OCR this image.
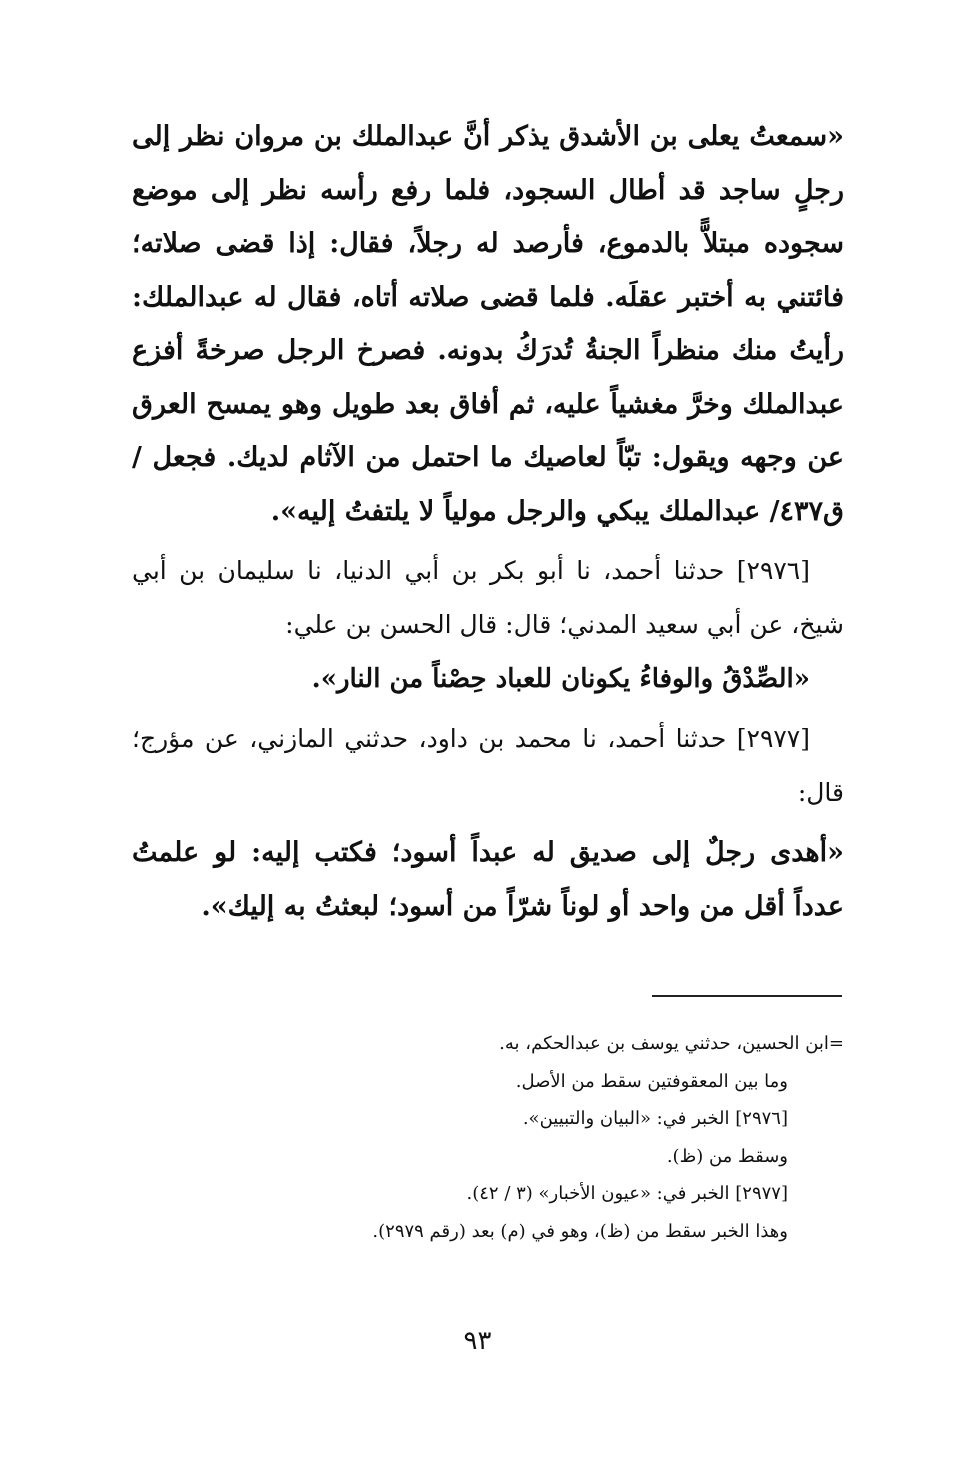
«سمعتُ يعلى بن الأشدق يذكر أنَّ عبدالملك بن مروان نظر إلى رجلٍ ساجد قد أطال السجود، فلما رفع رأسه نظر إلى موضع سجوده مبتلاًّ بالدموع، فأرصد له رجلاً، فقال: إذا قضى صلاته؛ فائتني به أختبر عقلَه. فلما قضى صلاته أتاه، فقال له عبدالملك: رأيتُ منك منظراً الجنةُ تُدرَكُ بدونه. فصرخ الرجل صرخةً أفزع عبدالملك وخرَّ مغشياً عليه، ثم أفاق بعد طويل وهو يمسح العرق عن وجهه ويقول: تبّاً لعاصيك ما احتمل من الآثام لديك. فجعل / ق٤٣٧/ عبدالملك يبكي والرجل مولياً لا يلتفتُ إليه».

[٢٩٧٦] حدثنا أحمد، نا أبو بكر بن أبي الدنيا، نا سليمان بن أبي شيخ، عن أبي سعيد المدني؛ قال: قال الحسن بن علي:

«الصِّدْقُ والوفاءُ يكونان للعباد حِصْناً من النار».

[٢٩٧٧] حدثنا أحمد، نا محمد بن داود، حدثني المازني، عن مؤرج؛ قال:

«أهدى رجلٌ إلى صديق له عبداً أسود؛ فكتب إليه: لو علمتُ عدداً أقل من واحد أو لوناً شرّاً من أسود؛ لبعثتُ به إليك».

=ابن الحسين، حدثني يوسف بن عبدالحكم، به.
وما بين المعقوفتين سقط من الأصل.
[٢٩٧٦] الخبر في: «البيان والتبيين».
وسقط من (ظ).
[٢٩٧٧] الخبر في: «عيون الأخبار» (٣ / ٤٢).
وهذا الخبر سقط من (ظ)، وهو في (م) بعد (رقم ٢٩٧٩).
٩٣
